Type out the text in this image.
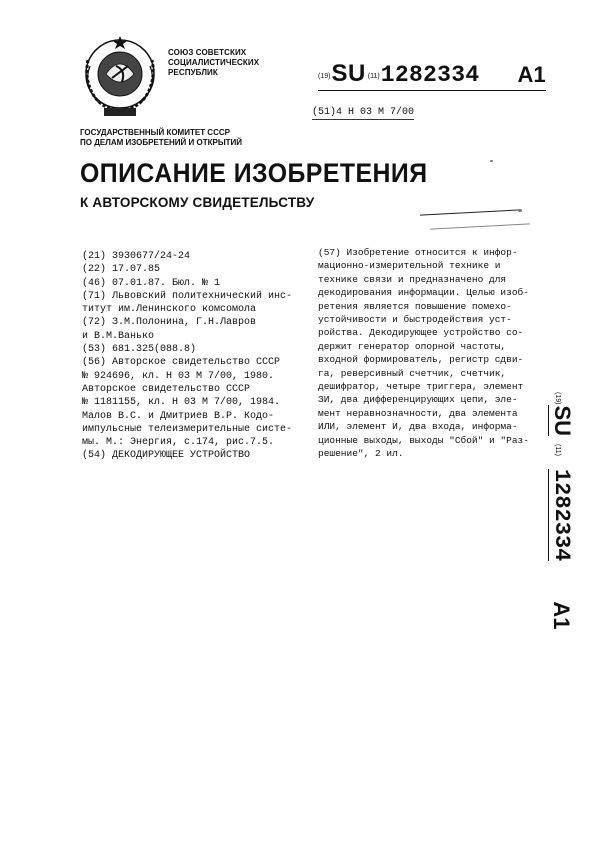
СОЮЗ СОВЕТСКИХ
СОЦИАЛИСТИЧЕСКИХ
РЕСПУБЛИК	(19) SU (11) 1282334 A1
(51)4 Н 03 М 7/00
ГОСУДАРСТВЕННЫЙ КОМИТЕТ СССР
ПО ДЕЛАМ ИЗОБРЕТЕНИЙ И ОТКРЫТИЙ
ОПИСАНИЕ ИЗОБРЕТЕНИЯ
К АВТОРСКОМУ СВИДЕТЕЛЬСТВУ
(21) 3930677/24-24
(22) 17.07.85
(46) 07.01.87. Бюл. № 1
(71) Львовский политехнический инс-
титут им.Ленинского комсомола
(72) З.М.Полонина, Г.Н.Лавров
и В.М.Ванько
(53) 681.325(088.8)
(56) Авторское свидетельство СССР
№ 924696, кл. Н 03 М 7/00, 1980.
Авторское свидетельство СССР
№ 1181155, кл. Н 03 М 7/00, 1984.
Малов В.С. и Дмитриев В.Р. Кодо-
импульсные телеизмерительные систе-
мы. М.: Энергия, с.174, рис.7.5.
(54) ДЕКОДИРУЮЩЕЕ УСТРОЙСТВО
(57) Изобретение относится к инфор-
мационно-измерительной технике и
технике связи и предназначено для
декодирования информации. Целью изоб-
ретения является повышение помехо-
устойчивости и быстродействия уст-
ройства. Декодирующее устройство со-
держит генератор опорной частоты,
входной формирователь, регистр сдви-
га, реверсивный счетчик, счетчик,
дешифратор, четыре триггера, элемент
ЗИ, два дифференцирующих цепи, эле-
мент неравнозначности, два элемента
ИЛИ, элемент И, два входа, информа-
ционные выходы, выходы "Сбой" и "Раз-
решение", 2 ил.
(19)
SU
(11)
1282334
A1
